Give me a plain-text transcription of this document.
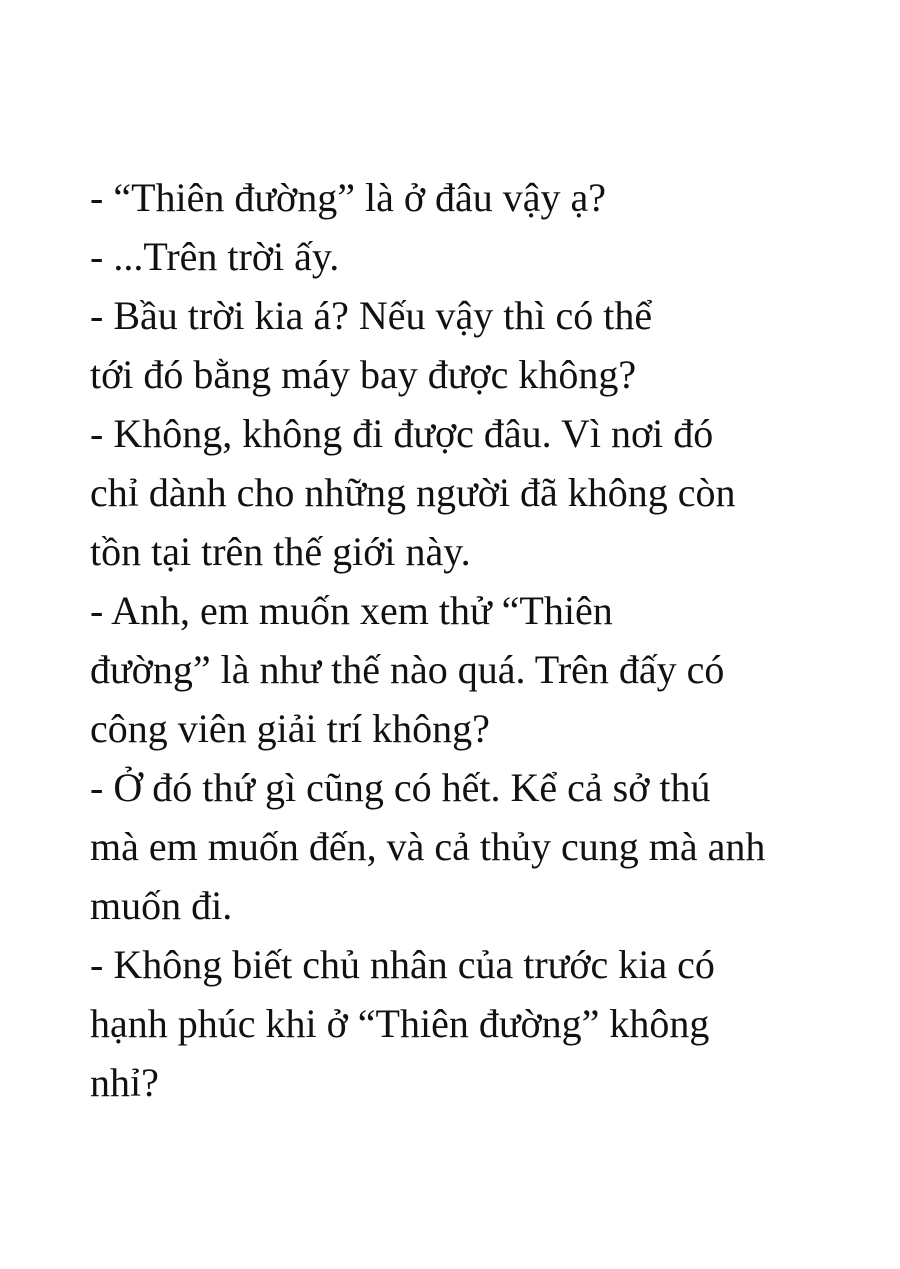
- “Thiên đường” là ở đâu vậy ạ?
- ...Trên trời ấy.
- Bầu trời kia á? Nếu vậy thì có thể
tới đó bằng máy bay được không?
- Không, không đi được đâu. Vì nơi đó
chỉ dành cho những người đã không còn
tồn tại trên thế giới này.
- Anh, em muốn xem thử “Thiên
đường” là như thế nào quá. Trên đấy có
công viên giải trí không?
- Ở đó thứ gì cũng có hết. Kể cả sở thú
mà em muốn đến, và cả thủy cung mà anh
muốn đi.
- Không biết chủ nhân của trước kia có
hạnh phúc khi ở “Thiên đường” không
nhỉ?
